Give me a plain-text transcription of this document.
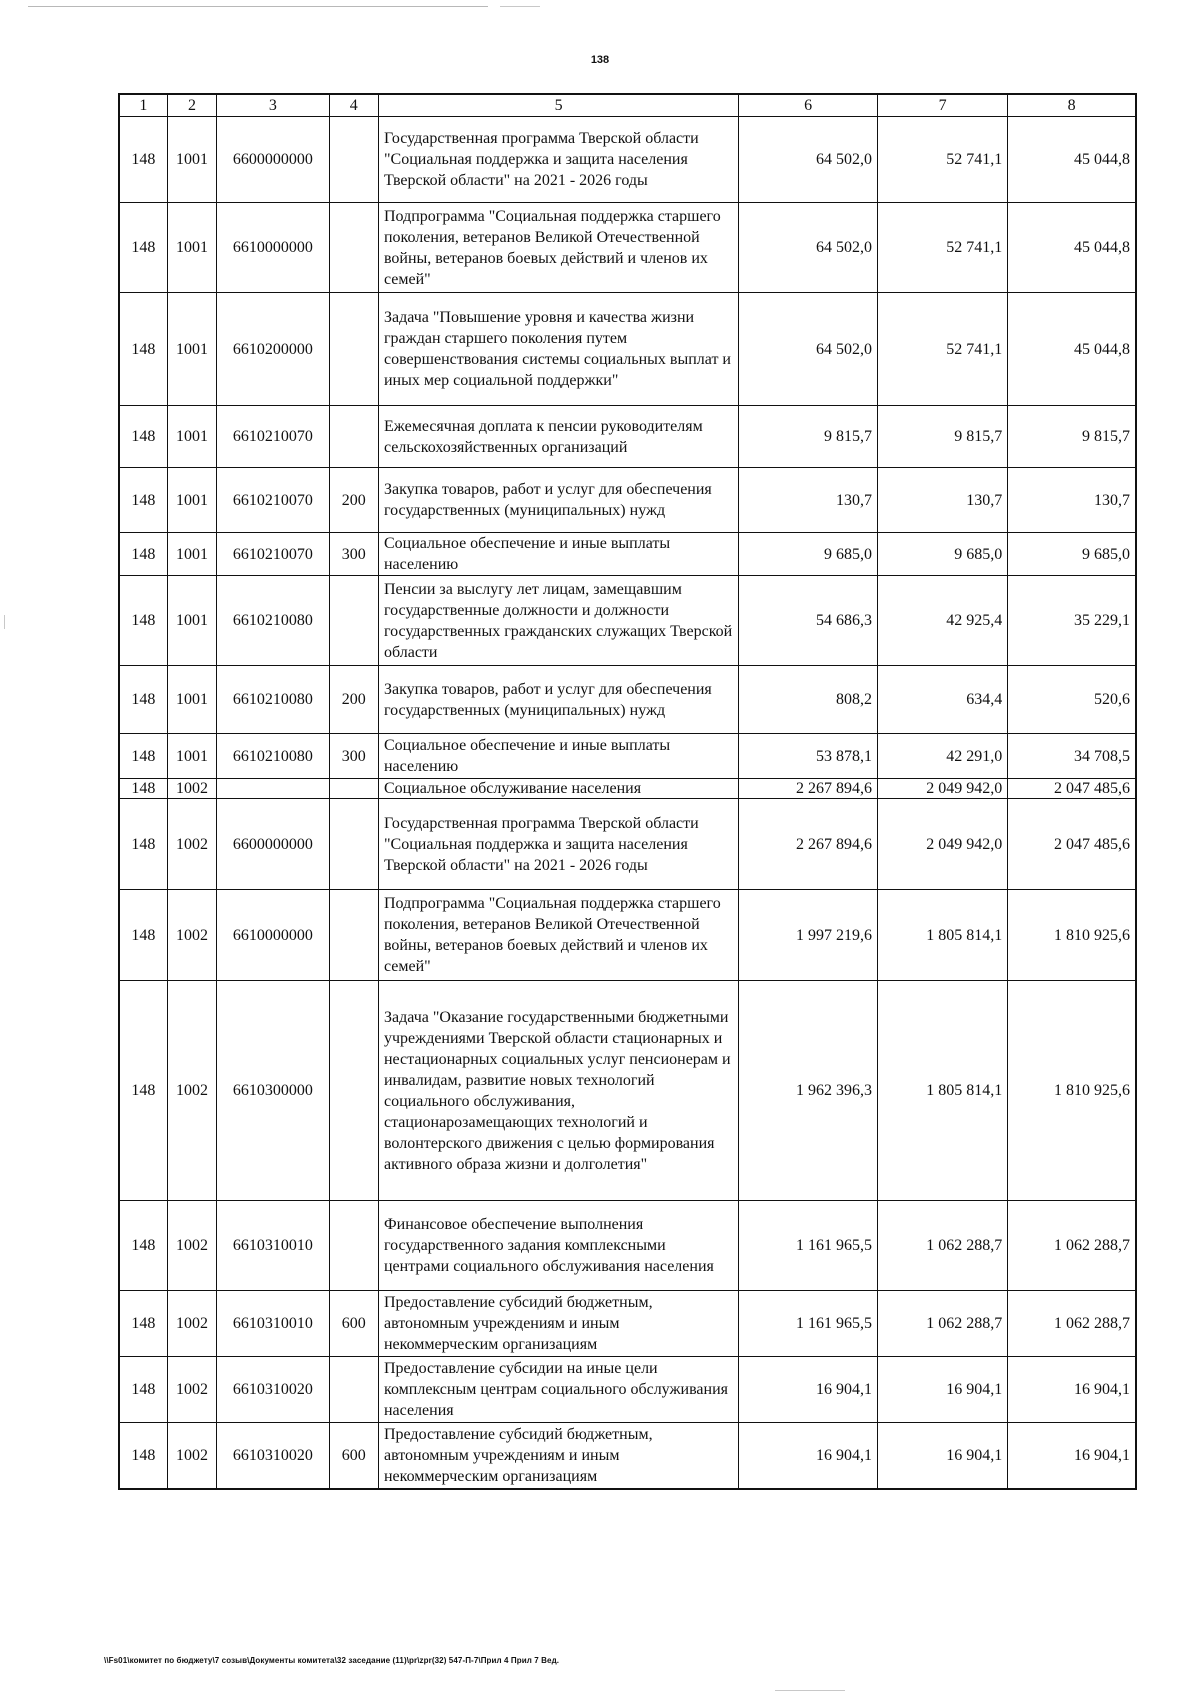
138
1	2	3	4	5	6	7	8
148	1001	6600000000		Государственная программа Тверской области "Социальная поддержка и защита населения Тверской области" на 2021 - 2026 годы	64 502,0	52 741,1	45 044,8
148	1001	6610000000		Подпрограмма "Социальная поддержка старшего поколения, ветеранов Великой Отечественной войны, ветеранов боевых действий и членов их семей"	64 502,0	52 741,1	45 044,8
148	1001	6610200000		Задача "Повышение уровня и качества жизни граждан старшего поколения путем совершенствования системы социальных выплат и иных мер социальной поддержки"	64 502,0	52 741,1	45 044,8
148	1001	6610210070		Ежемесячная доплата к пенсии руководителям сельскохозяйственных организаций	9 815,7	9 815,7	9 815,7
148	1001	6610210070	200	Закупка товаров, работ и услуг для обеспечения государственных (муниципальных) нужд	130,7	130,7	130,7
148	1001	6610210070	300	Социальное обеспечение и иные выплаты населению	9 685,0	9 685,0	9 685,0
148	1001	6610210080		Пенсии за выслугу лет лицам, замещавшим государственные должности и должности государственных гражданских служащих Тверской области	54 686,3	42 925,4	35 229,1
148	1001	6610210080	200	Закупка товаров, работ и услуг для обеспечения государственных (муниципальных) нужд	808,2	634,4	520,6
148	1001	6610210080	300	Социальное обеспечение и иные выплаты населению	53 878,1	42 291,0	34 708,5
148	1002			Социальное обслуживание населения	2 267 894,6	2 049 942,0	2 047 485,6
148	1002	6600000000		Государственная программа Тверской области "Социальная поддержка и защита населения Тверской области" на 2021 - 2026 годы	2 267 894,6	2 049 942,0	2 047 485,6
148	1002	6610000000		Подпрограмма "Социальная поддержка старшего поколения, ветеранов Великой Отечественной войны, ветеранов боевых действий и членов их семей"	1 997 219,6	1 805 814,1	1 810 925,6
148	1002	6610300000		Задача "Оказание государственными бюджетными учреждениями Тверской области стационарных и нестационарных социальных услуг пенсионерам и инвалидам, развитие новых технологий социального обслуживания, стационарозамещающих технологий и волонтерского движения с целью формирования активного образа жизни и долголетия"	1 962 396,3	1 805 814,1	1 810 925,6
148	1002	6610310010		Финансовое обеспечение выполнения государственного задания комплексными центрами социального обслуживания населения	1 161 965,5	1 062 288,7	1 062 288,7
148	1002	6610310010	600	Предоставление субсидий бюджетным, автономным учреждениям и иным некоммерческим организациям	1 161 965,5	1 062 288,7	1 062 288,7
148	1002	6610310020		Предоставление субсидии на иные цели комплексным центрам социального обслуживания населения	16 904,1	16 904,1	16 904,1
148	1002	6610310020	600	Предоставление субсидий бюджетным, автономным учреждениям и иным некоммерческим организациям	16 904,1	16 904,1	16 904,1
\\Fs01\комитет по бюджету\7 созыв\Документы комитета\32 заседание (11)\pr\zpr(32) 547-П-7\Прил 4 Прил 7 Вед.
